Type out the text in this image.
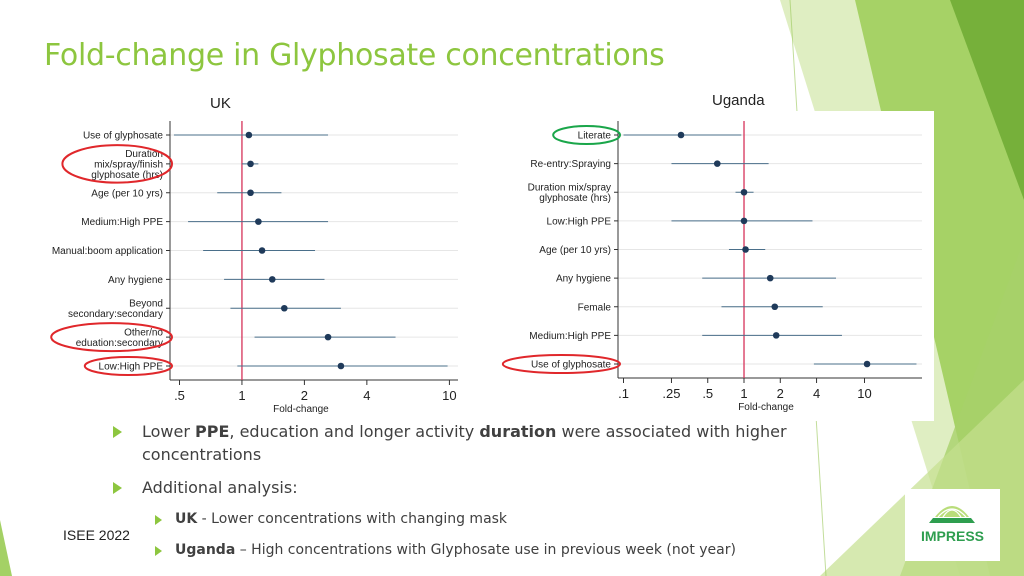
Fold-change in Glyphosate concentrations
UK	Uganda
.5	1	2	4	10
Fold-change
Use of glyphosate
Duration mix/spray/finish glyphosate (hrs)
Age (per 10 yrs)
Medium:High PPE
Manual:boom application
Any hygiene
Beyond secondary:secondary
Other/no eduation:secondary
Low:High PPE
.1	.25 .5 1 2 4	10
Fold-change
Literate
Re-entry:Spraying
Duration mix/spray glyphosate (hrs)
Low:High PPE
Age (per 10 yrs)
Any hygiene
Female
Medium:High PPE
Use of glyphosate
Lower PPE, education and longer activity duration were associated with higher concentrations
Additional analysis:
UK - Lower concentrations with changing mask
Uganda – High concentrations with Glyphosate use in previous week (not year)
ISEE 2022	IMPRESS
